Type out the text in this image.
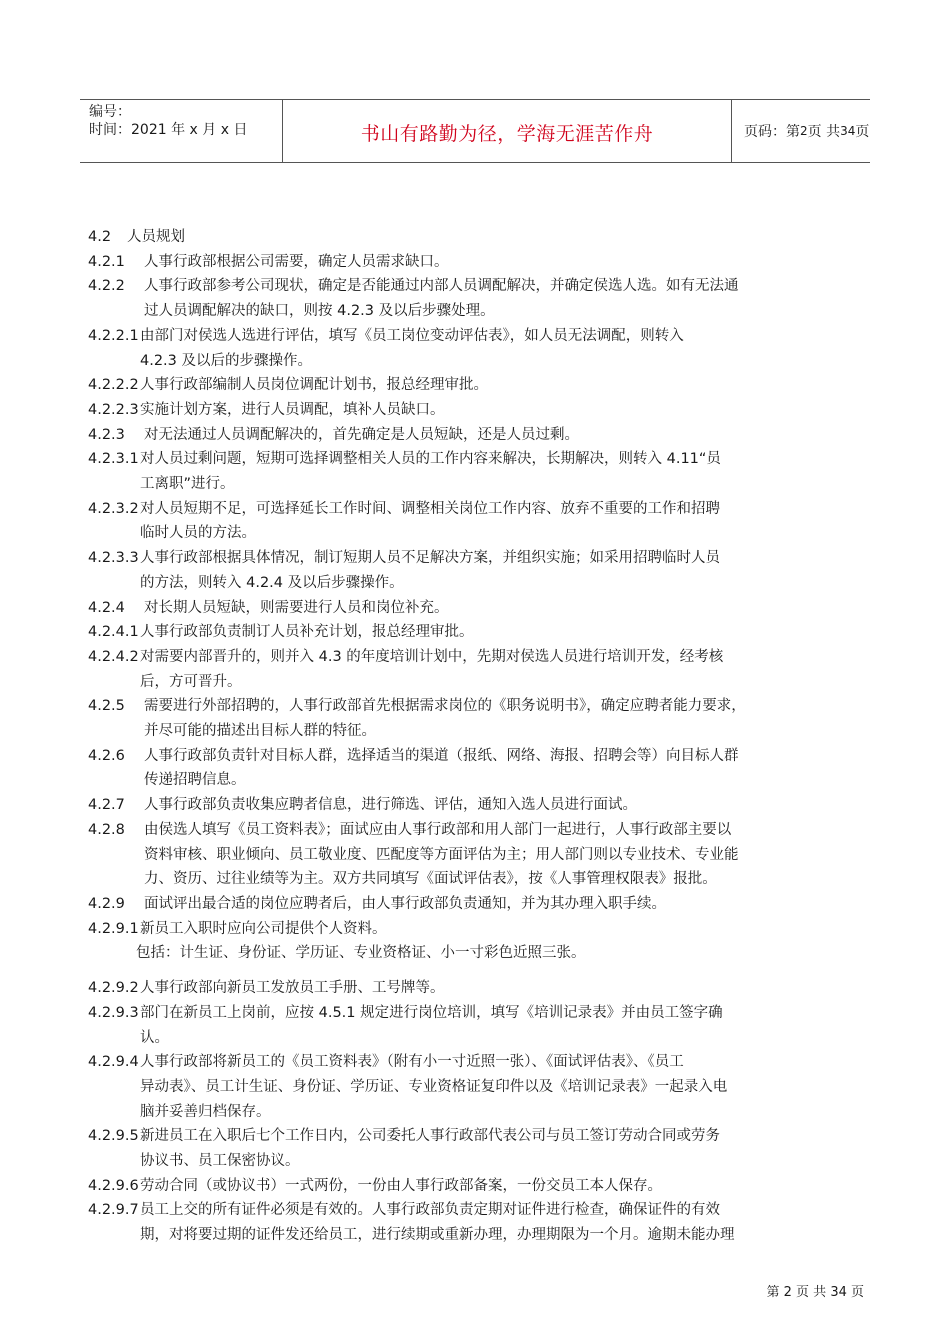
编号：
时间：2021 年 x 月 x 日	书山有路勤为径，学海无涯苦作舟	页码：第 2 页 共 34 页
4.2	人员规划
4.2.1	人事行政部根据公司需要，确定人员需求缺口。
4.2.2	人事行政部参考公司现状，确定是否能通过内部人员调配解决，并确定侯选人选。如有无法通
过人员调配解决的缺口，则按 4.2.3 及以后步骤处理。
4.2.2.1 由部门对侯选人选进行评估，填写《员工岗位变动评估表》，如人员无法调配，则转入
4.2.3 及以后的步骤操作。
4.2.2.2 人事行政部编制人员岗位调配计划书，报总经理审批。
4.2.2.3 实施计划方案，进行人员调配，填补人员缺口。
4.2.3	对无法通过人员调配解决的，首先确定是人员短缺，还是人员过剩。
4.2.3.1 对人员过剩问题，短期可选择调整相关人员的工作内容来解决，长期解决，则转入 4.11“员
工离职”进行。
4.2.3.2 对人员短期不足，可选择延长工作时间、调整相关岗位工作内容、放弃不重要的工作和招聘
临时人员的方法。
4.2.3.3 人事行政部根据具体情况，制订短期人员不足解决方案，并组织实施；如采用招聘临时人员
的方法，则转入 4.2.4 及以后步骤操作。
4.2.4	对长期人员短缺，则需要进行人员和岗位补充。
4.2.4.1 人事行政部负责制订人员补充计划，报总经理审批。
4.2.4.2 对需要内部晋升的，则并入 4.3 的年度培训计划中，先期对侯选人员进行培训开发，经考核
后，方可晋升。
4.2.5	需要进行外部招聘的，人事行政部首先根据需求岗位的《职务说明书》，确定应聘者能力要求，
并尽可能的描述出目标人群的特征。
4.2.6	人事行政部负责针对目标人群，选择适当的渠道（报纸、网络、海报、招聘会等）向目标人群
传递招聘信息。
4.2.7	人事行政部负责收集应聘者信息，进行筛选、评估，通知入选人员进行面试。
4.2.8	由侯选人填写《员工资料表》；面试应由人事行政部和用人部门一起进行，人事行政部主要以
资料审核、职业倾向、员工敬业度、匹配度等方面评估为主；用人部门则以专业技术、专业能
力、资历、过往业绩等为主。双方共同填写《面试评估表》，按《人事管理权限表》报批。
4.2.9	面试评出最合适的岗位应聘者后，由人事行政部负责通知，并为其办理入职手续。
4.2.9.1 新员工入职时应向公司提供个人资料。
包括：计生证、身份证、学历证、专业资格证、小一寸彩色近照三张。
4.2.9.2 人事行政部向新员工发放员工手册、工号牌等。
4.2.9.3 部门在新员工上岗前，应按 4.5.1 规定进行岗位培训，填写《培训记录表》并由员工签字确
认。
4.2.9.4 人事行政部将新员工的《员工资料表》（附有小一寸近照一张）、《面试评估表》、《员工
异动表》、员工计生证、身份证、学历证、专业资格证复印件以及《培训记录表》一起录入电
脑并妥善归档保存。
4.2.9.5 新进员工在入职后七个工作日内，公司委托人事行政部代表公司与员工签订劳动合同或劳务
协议书、员工保密协议。
4.2.9.6 劳动合同（或协议书）一式两份，一份由人事行政部备案，一份交员工本人保存。
4.2.9.7 员工上交的所有证件必须是有效的。人事行政部负责定期对证件进行检查，确保证件的有效
期，对将要过期的证件发还给员工，进行续期或重新办理，办理期限为一个月。逾期未能办理
第 2 页 共 34 页
